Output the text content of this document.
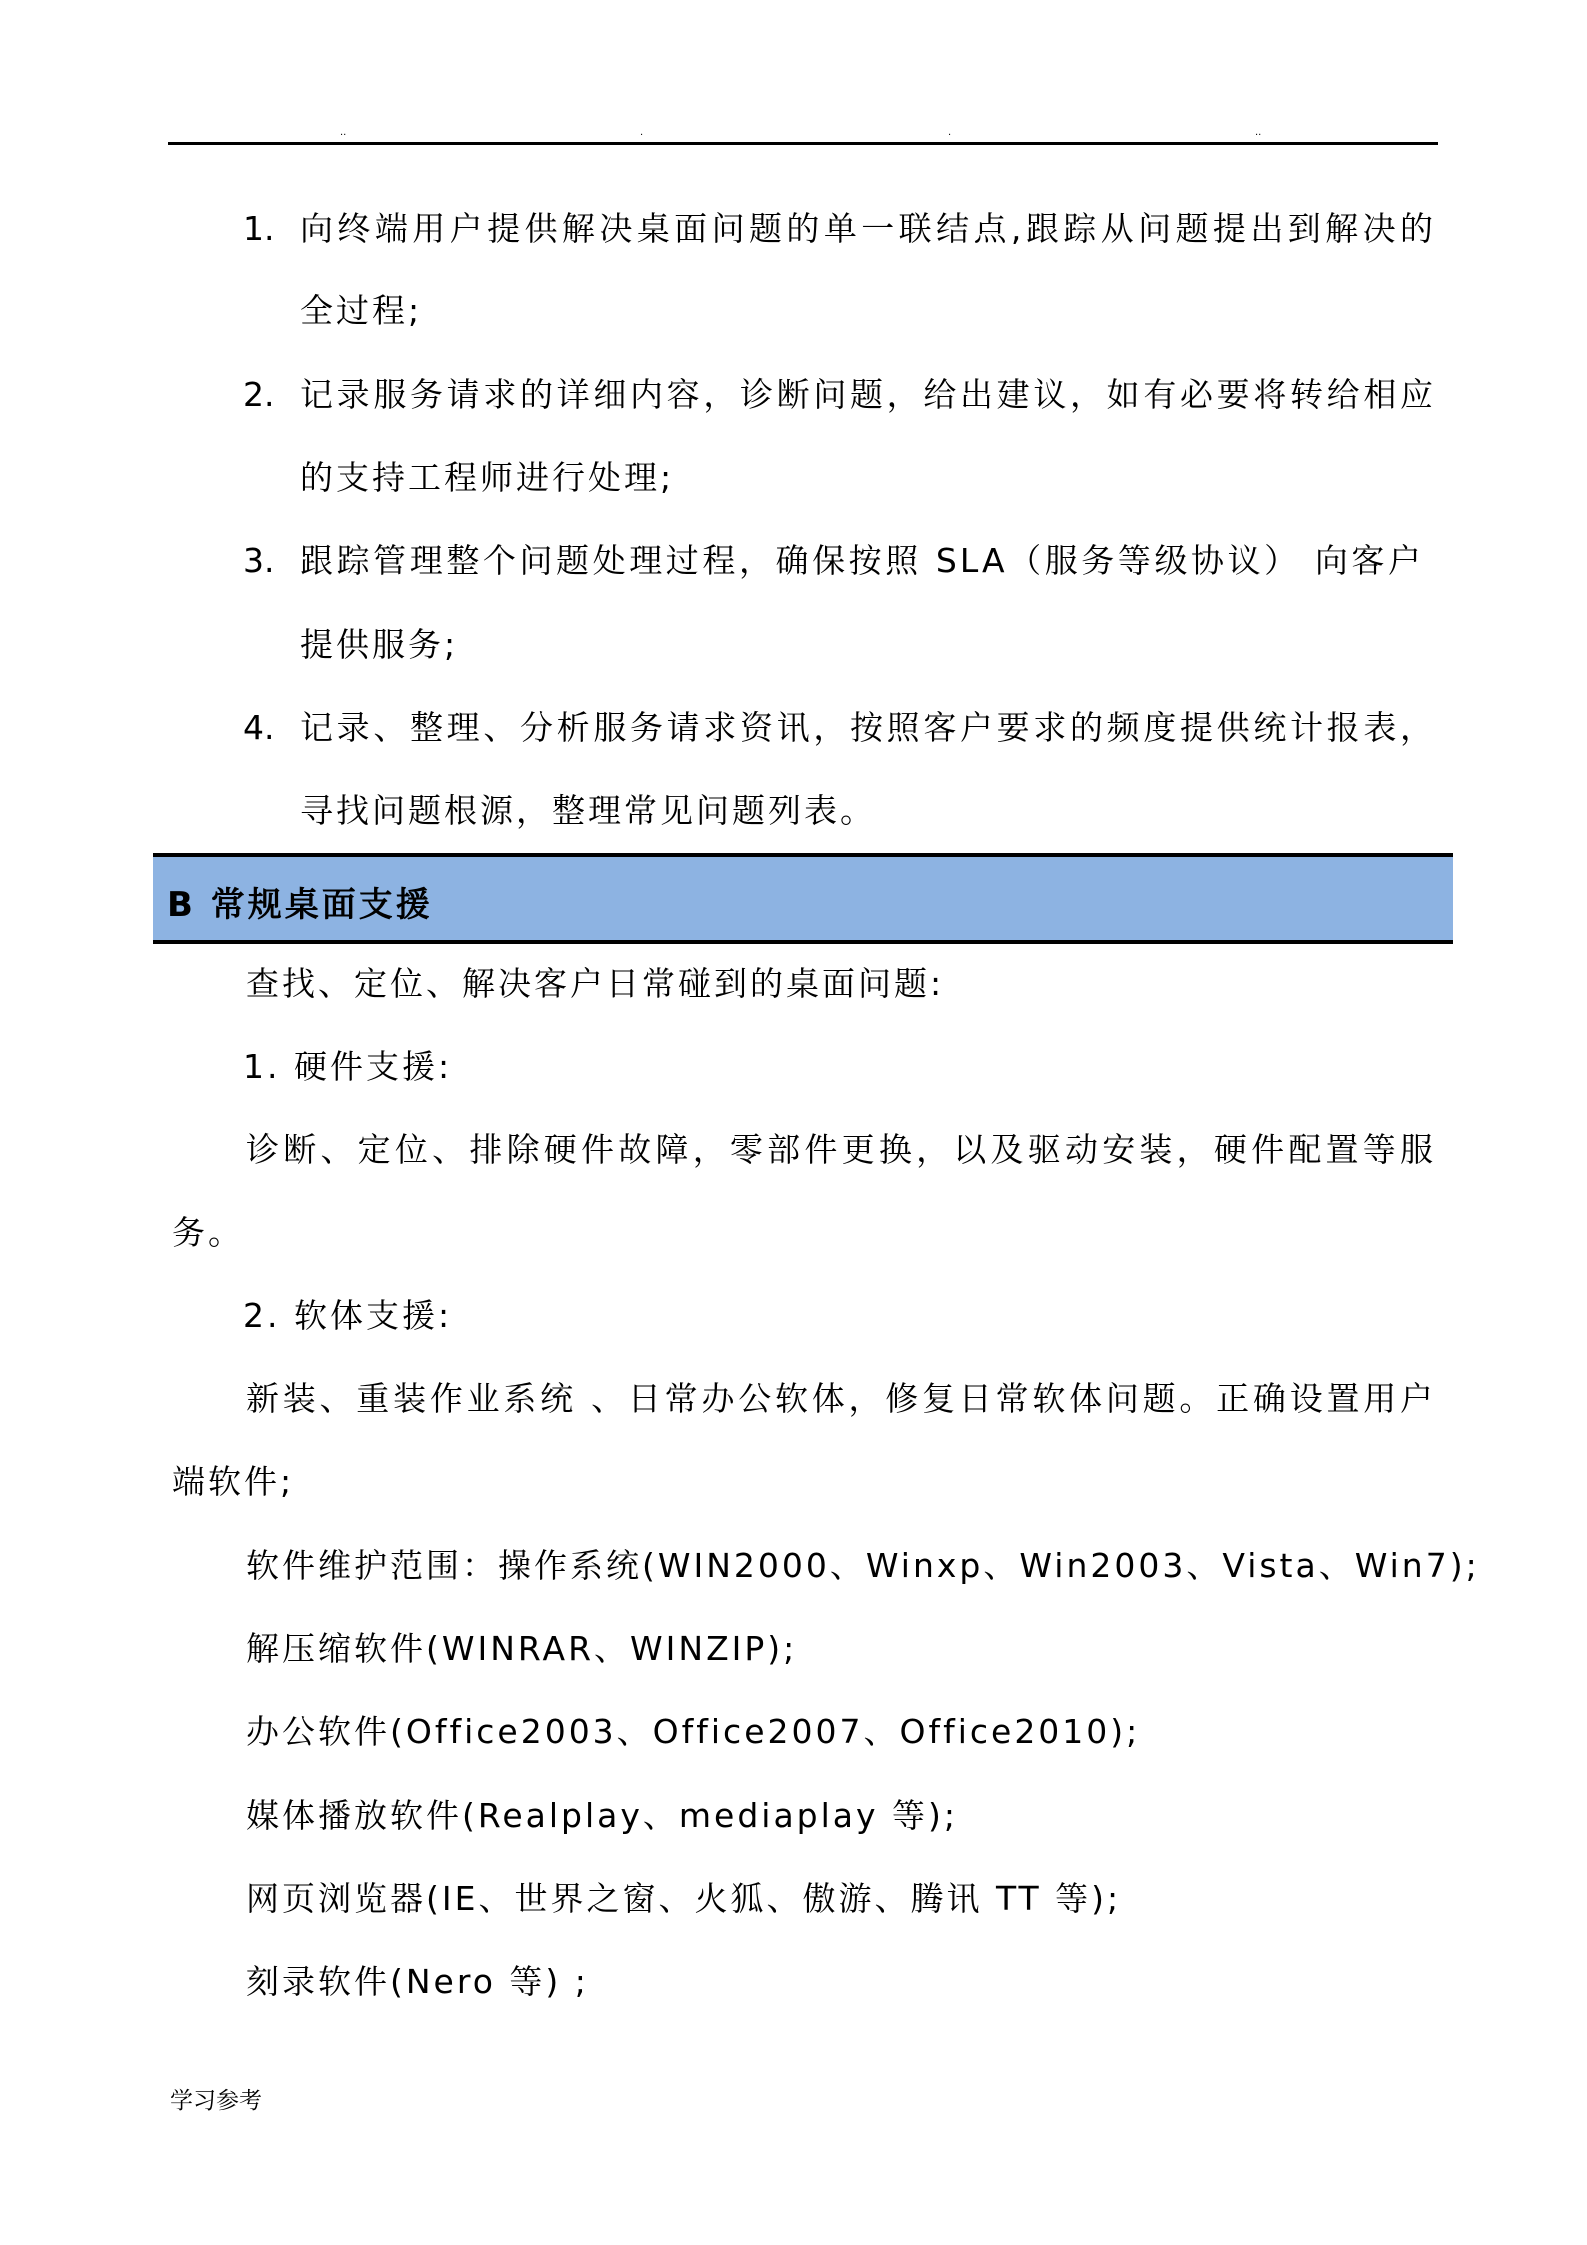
..	.	.	..
1. 向终端用户提供解决桌面问题的单一联结点,跟踪从问题提出到解决的
全过程;
2. 记录服务请求的详细内容，诊断问题，给出建议，如有必要将转给相应
的支持工程师进行处理;
3. 跟踪管理整个问题处理过程，确保按照 SLA（服务等级协议） 向客户
提供服务;
4. 记录、整理、分析服务请求资讯，按照客户要求的频度提供统计报表，
寻找问题根源，整理常见问题列表。
B 常规桌面支援
查找、定位、解决客户日常碰到的桌面问题:
1. 硬件支援:
诊断、定位、排除硬件故障，零部件更换，以及驱动安装，硬件配置等服
务。
2. 软体支援:
新装、重装作业系统 、日常办公软体，修复日常软体问题。正确设置用户
端软件;
软件维护范围：操作系统(WIN2000、Winxp、Win2003、Vista、Win7);
解压缩软件(WINRAR、WINZIP);
办公软件(Office2003、Office2007、Office2010);
媒体播放软件(Realplay、mediaplay 等);
网页浏览器(IE、世界之窗、火狐、傲游、腾讯 TT 等);
刻录软件(Nero 等) ;
学习参考
